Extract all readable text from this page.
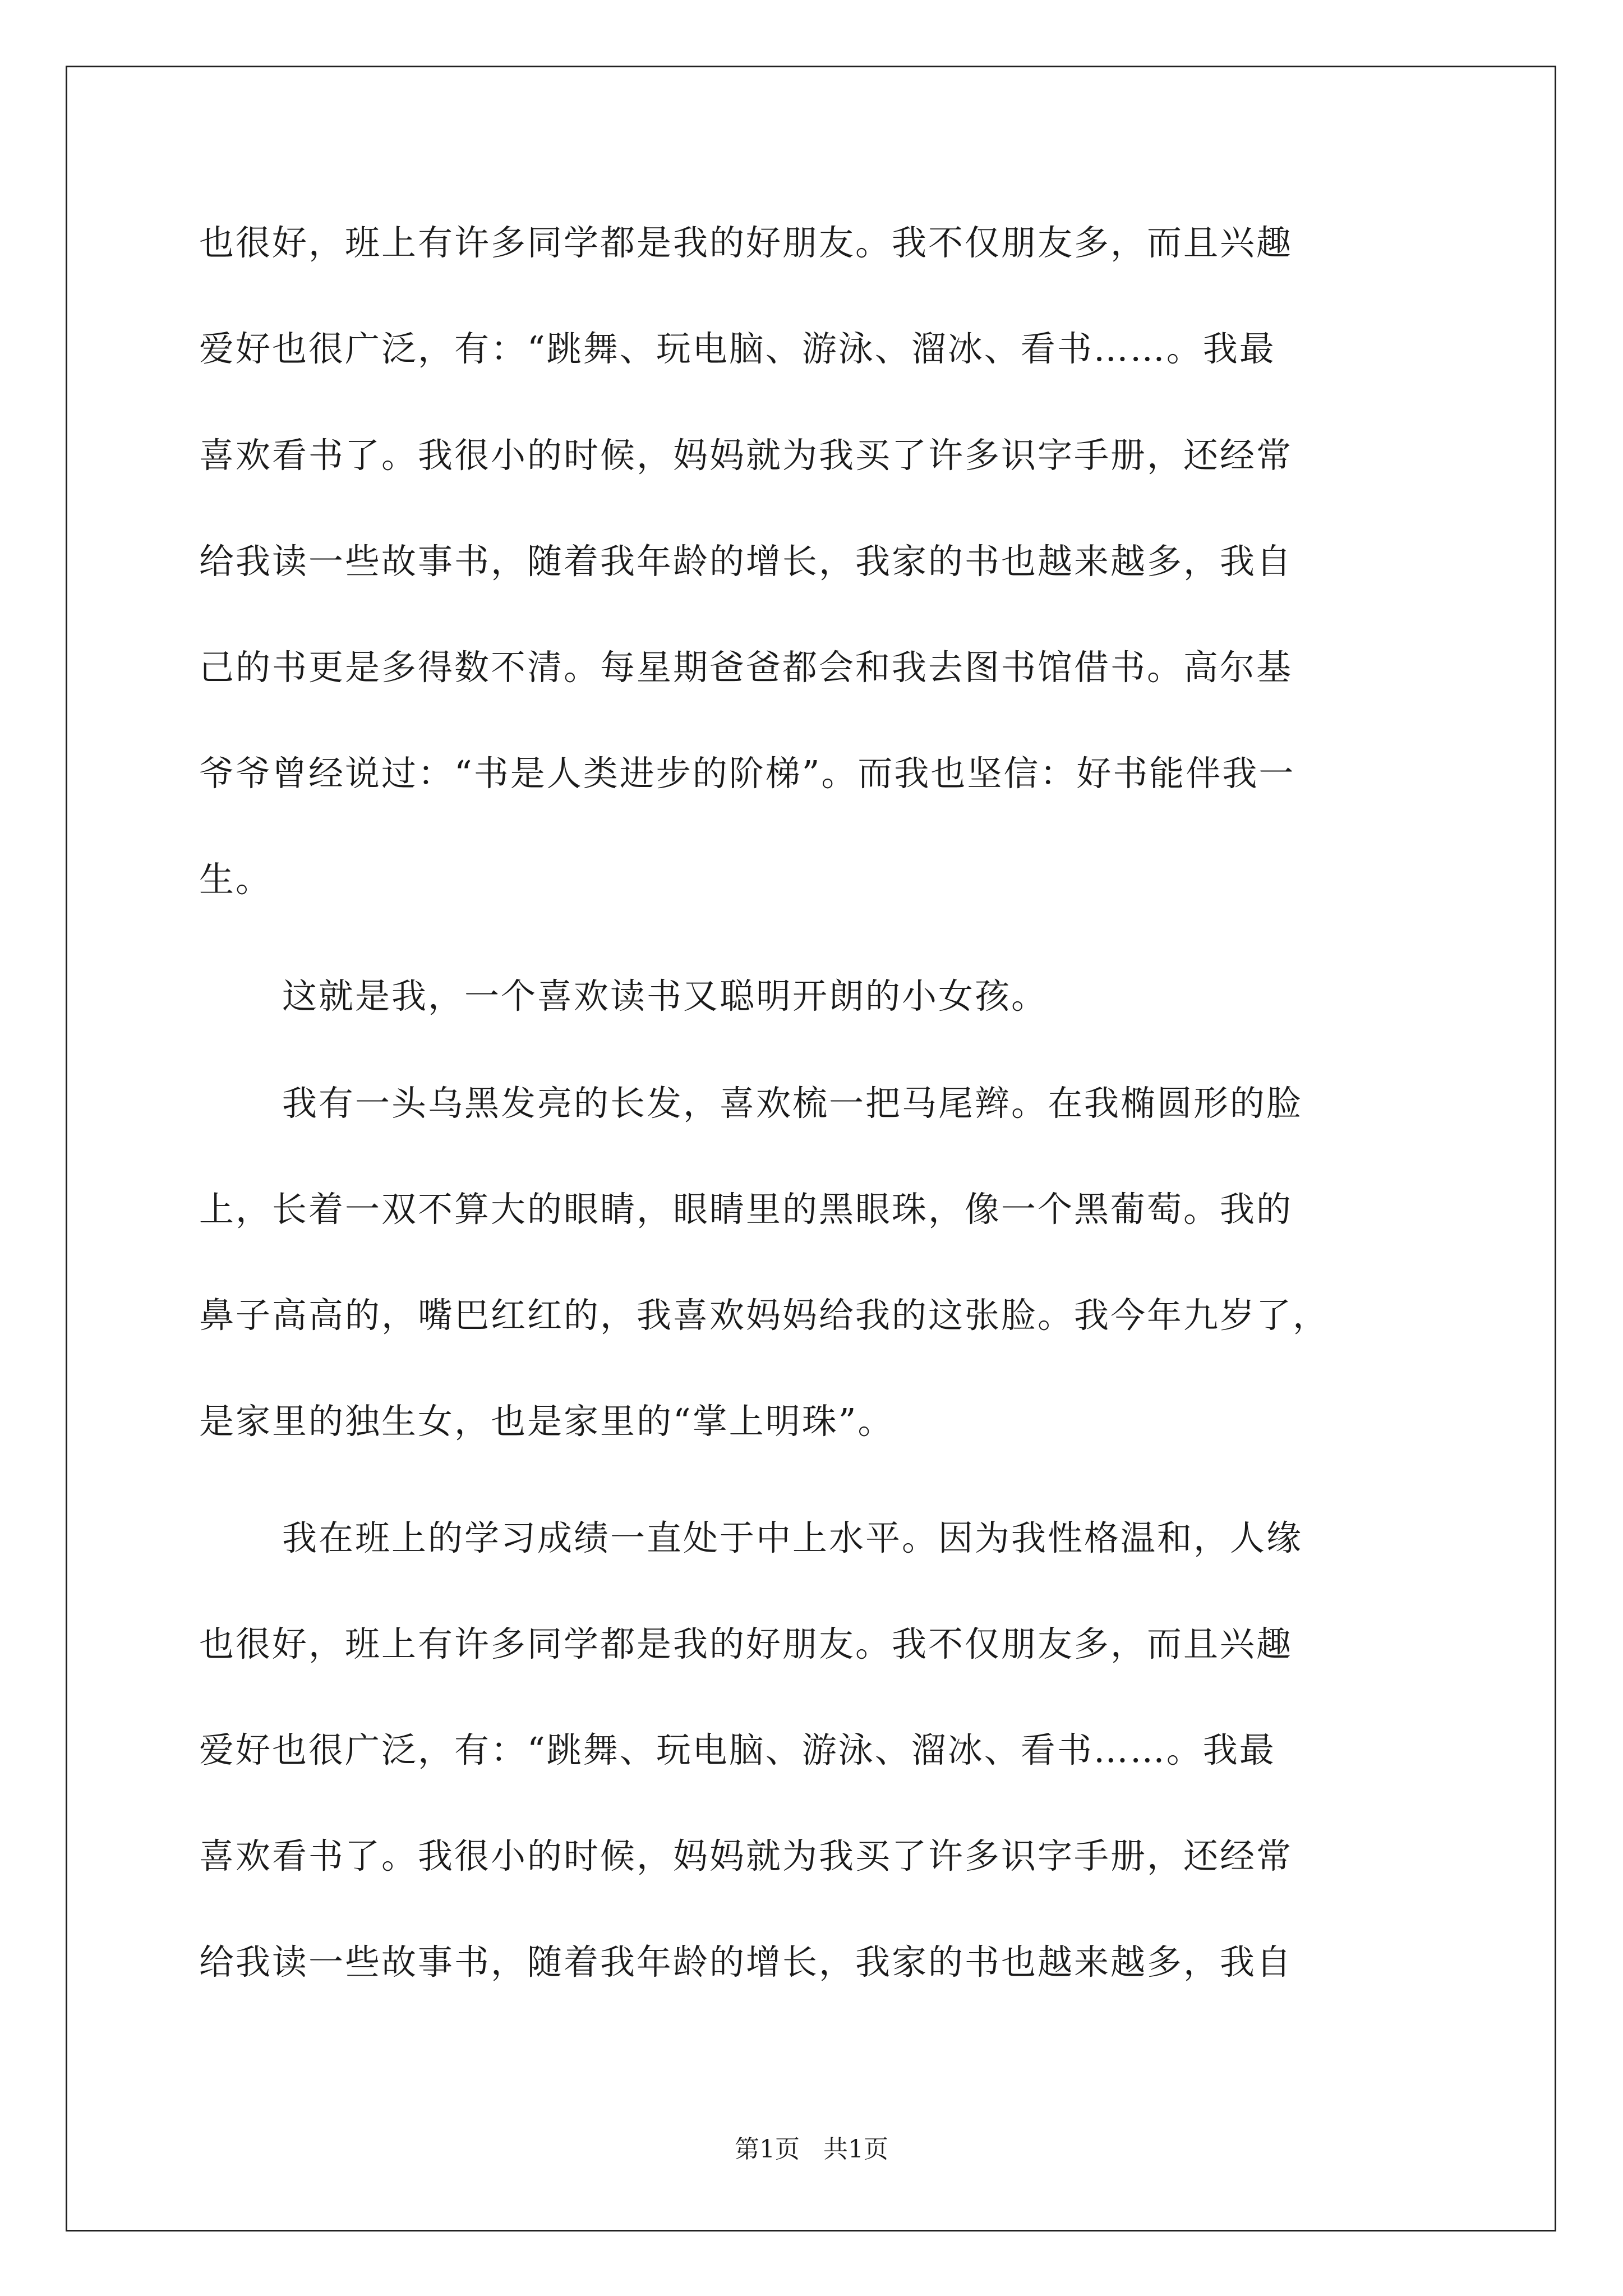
也很好，班上有许多同学都是我的好朋友。我不仅朋友多，而且兴趣
爱好也很广泛，有：“跳舞、玩电脑、游泳、溜冰、看书……。我最
喜欢看书了。我很小的时候，妈妈就为我买了许多识字手册，还经常
给我读一些故事书，随着我年龄的增长，我家的书也越来越多，我自
己的书更是多得数不清。每星期爸爸都会和我去图书馆借书。高尔基
爷爷曾经说过：“书是人类进步的阶梯”。而我也坚信：好书能伴我一
生。
这就是我，一个喜欢读书又聪明开朗的小女孩。
我有一头乌黑发亮的长发，喜欢梳一把马尾辫。在我椭圆形的脸
上，长着一双不算大的眼睛，眼睛里的黑眼珠，像一个黑葡萄。我的
鼻子高高的，嘴巴红红的，我喜欢妈妈给我的这张脸。我今年九岁了，
是家里的独生女，也是家里的“掌上明珠”。
我在班上的学习成绩一直处于中上水平。因为我性格温和，人缘
也很好，班上有许多同学都是我的好朋友。我不仅朋友多，而且兴趣
爱好也很广泛，有：“跳舞、玩电脑、游泳、溜冰、看书……。我最
喜欢看书了。我很小的时候，妈妈就为我买了许多识字手册，还经常
给我读一些故事书，随着我年龄的增长，我家的书也越来越多，我自
第1页   共1页
